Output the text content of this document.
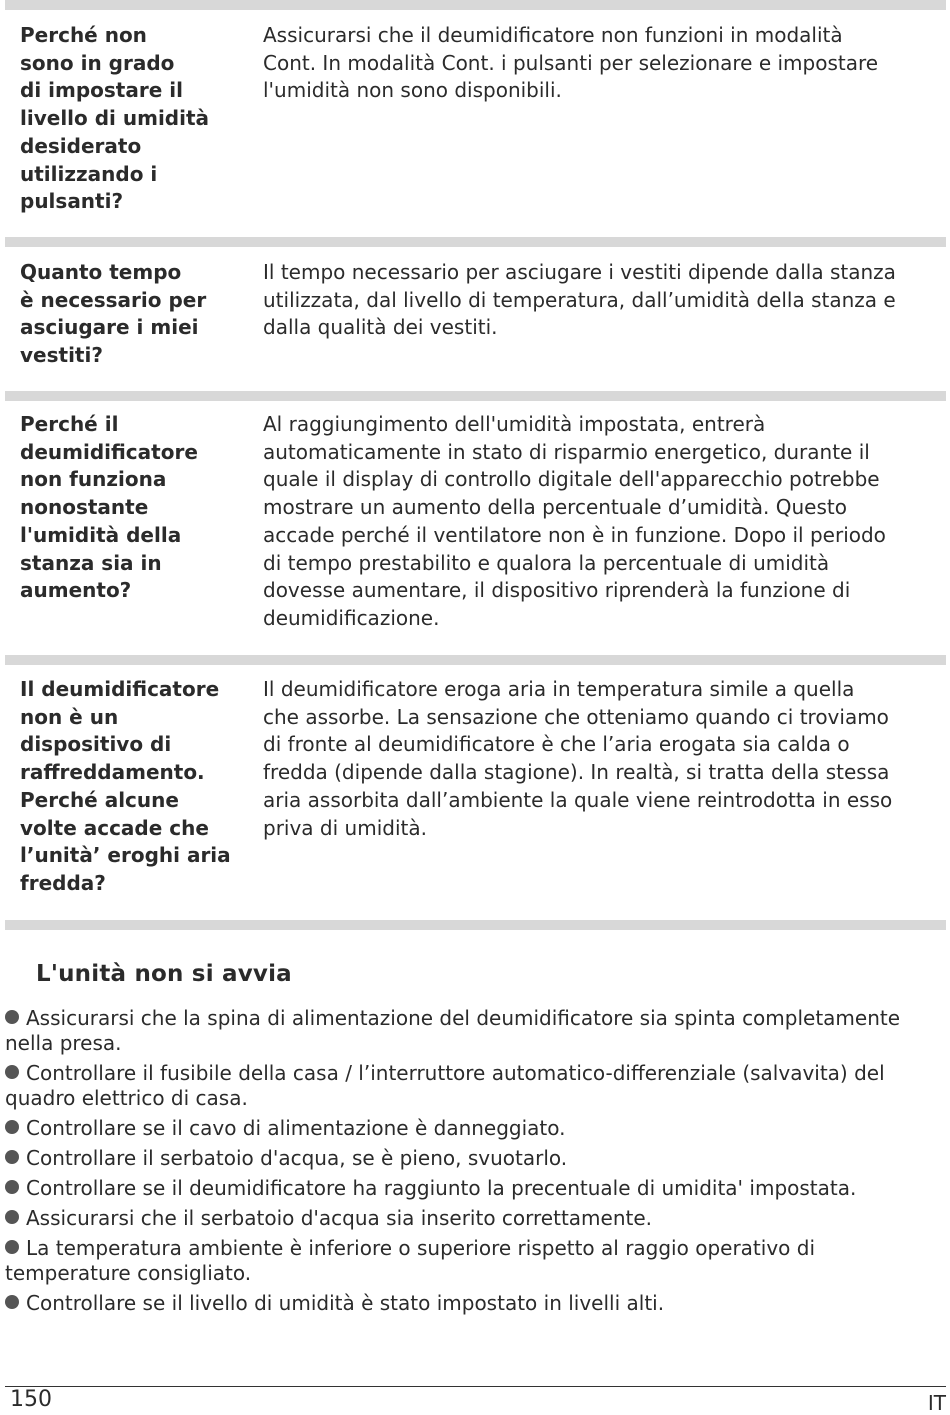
Perché non
sono in grado
di impostare il
livello di umidità
desiderato
utilizzando i
pulsanti?
Assicurarsi che il deumidificatore non funzioni in modalità
Cont. In modalità Cont. i pulsanti per selezionare e impostare
l'umidità non sono disponibili.
Quanto tempo
è necessario per
asciugare i miei
vestiti?
Il tempo necessario per asciugare i vestiti dipende dalla stanza
utilizzata, dal livello di temperatura, dall’umidità della stanza e
dalla qualità dei vestiti.
Perché il
deumidificatore
non funziona
nonostante
l'umidità della
stanza sia in
aumento?
Al raggiungimento dell'umidità impostata, entrerà
automaticamente in stato di risparmio energetico, durante il
quale il display di controllo digitale dell'apparecchio potrebbe
mostrare un aumento della percentuale d’umidità. Questo
accade perché il ventilatore non è in funzione. Dopo il periodo
di tempo prestabilito e qualora la percentuale di umidità
dovesse aumentare, il dispositivo riprenderà la funzione di
deumidificazione.
Il deumidificatore
non è un
dispositivo di
raffreddamento.
Perché alcune
volte accade che
l’unità’ eroghi aria
fredda?
Il deumidificatore eroga aria in temperatura simile a quella
che assorbe. La sensazione che otteniamo quando ci troviamo
di fronte al deumidificatore è che l’aria erogata sia calda o
fredda (dipende dalla stagione). In realtà, si tratta della stessa
aria assorbita dall’ambiente la quale viene reintrodotta in esso
priva di umidità.
L'unità non si avvia
Assicurarsi che la spina di alimentazione del deumidificatore sia spinta completamente nella presa.
Controllare il fusibile della casa / l’interruttore automatico-differenziale (salvavita) del quadro elettrico di casa.
Controllare se il cavo di alimentazione è danneggiato.
Controllare il serbatoio d'acqua, se è pieno, svuotarlo.
Controllare se il deumidificatore ha raggiunto la precentuale di umidita' impostata.
Assicurarsi che il serbatoio d'acqua sia inserito correttamente.
La temperatura ambiente è inferiore o superiore rispetto al raggio operativo di temperature consigliato.
Controllare se il livello di umidità è stato impostato in livelli alti.
150	IT
